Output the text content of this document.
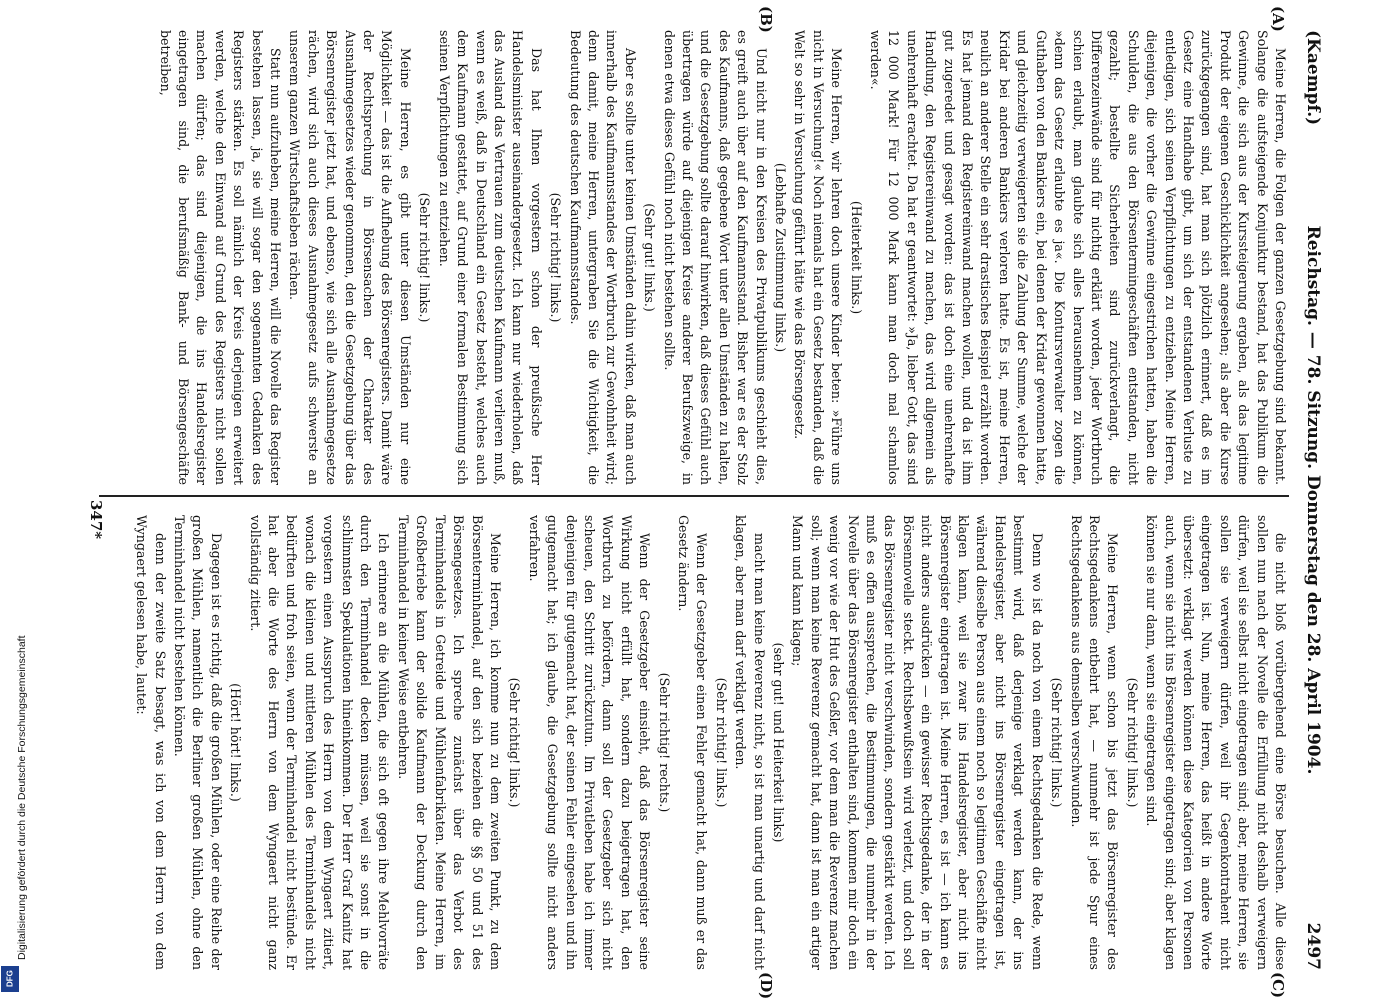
Digitalisierung gefördert durch die Deutsche Forschungsgemeinschaft
DFG
(Kaempf.)
Reichstag. — 78. Sitzung. Donnerstag den 28. April 1904.
2497
(A)
(B)
(C)
(D)

Meine Herren, die Folgen der ganzen Gesetzgebung sind bekannt. Solange die aufsteigende Konjunktur bestand, hat das Publikum die Gewinne, die sich aus der Kurssteigerung ergaben, als das legitime Produkt der eigenen Geschicklichkeit angesehen; als aber die Kurse zurückgegangen sind, hat man sich plötzlich erinnert, daß es im Gesetz eine Handhabe gibt, um sich der entstandenen Verluste zu entledigen, sich seinen Verpflichtungen zu entziehen. Meine Herren, diejenigen, die vorher die Gewinne eingestrichen hatten, haben die Schulden, die aus den Börsentermingeschäften entstanden, nicht gezahlt; bestellte Sicherheiten sind zurückverlangt, die Differenzeinwände sind für nichtig erklärt worden, jeder Wortbruch schien erlaubt, man glaubte sich alles herausnehmen zu können, »denn das Gesetz erlaubte es ja«. Die Kontursverwalter zogen die Guthaben von den Bankiers ein, bei denen der Kridar gewonnen hatte, und gleichzeitig verweigerten sie die Zahlung der Summe, welche der Kridar bei anderen Bankiers verloren hatte. Es ist, meine Herren, neulich an anderer Stelle ein sehr drastisches Beispiel erzählt worden. Es hat jemand den Registereinwand machen wollen, und da ist ihm gut zugeredet und gesagt worden: das ist doch eine unehrenhafte Handlung, den Registereinwand zu machen, das wird allgemein als unehrenhaft erachtet. Da hat er geantwortet: »Ja, lieber Gott, das sind 12 000 Mark! Für 12 000 Mark kann man doch mal schamlos werden«.

(Heiterkeit links.)

Meine Herren, wir lehren doch unsere Kinder beten: »Führe uns nicht in Versuchung!« Noch niemals hat ein Gesetz bestanden, daß die Welt so sehr in Versuchung geführt hätte wie das Börsengesetz.

(Lebhafte Zustimmung links.)

Und nicht nur in den Kreisen des Privatpublikums geschieht dies, es greift auch über auf den Kaufmannsstand. Bisher war es der Stolz des Kaufmanns, daß gegebene Wort unter allen Umständen zu halten, und die Gesetzgebung sollte darauf hinwirken, daß dieses Gefühl auch übertragen würde auf diejenigen Kreise anderer Berufszweige, in denen etwa dieses Gefühl noch nicht bestehen sollte.

(Sehr gut! links.)

Aber es sollte unter keinen Umständen dahin wirken, daß man auch innerhalb des Kaufmannsstandes der Wortbruch zur Gewohnheit wird; denn damit, meine Herren, untergraben Sie die Wichtigkeit, die Bedeutung des deutschen Kaufmannsstandes.

(Sehr richtig! links.)

Das hat Ihnen vorgestern schon der preußische Herr Handelsminister auseinandergesetzt. Ich kann nur wiederholen, daß das Ausland das Vertrauen zum deutschen Kaufmann verlieren muß, wenn es weiß, daß in Deutschland ein Gesetz besteht, welches auch dem Kaufmann gestattet, auf Grund einer formalen Bestimmung sich seinen Verpflichtungen zu entziehen.

(Sehr richtig! links.)

Meine Herren, es gibt unter diesen Umständen nur eine Möglichkeit — das ist die Aufhebung des Börsenregisters. Damit wäre der Rechtsprechung in Börsensachen der Charakter des Ausnahmegesetzes wieder genommen, den die Gesetzgebung über das Börsenregister jetzt hat, und ebenso, wie sich alle Ausnahmegesetze rächen, wird sich auch dieses Ausnahmegesetz aufs schwerste an unserem ganzen Wirtschaftsleben rächen.

Statt nun aufzuheben, meine Herren, will die Novelle das Register bestehen lassen, ja, sie will sogar den sogenannten Gedanken des Registers stärken. Es soll nämlich der Kreis derjenigen erweitert werden, welche den Einwand auf Grund des Registers nicht sollen machen dürfen; das sind diejenigen, die ins Handelsregister eingetragen sind, die berufsmäßig Bank- und Börsengeschäfte betreiben,

die nicht bloß vorübergehend eine Börse besuchen. Alle diese sollen nun nach der Novelle die Erfüllung nicht deshalb verweigern dürfen, weil sie selbst nicht eingetragen sind; aber, meine Herren, sie sollen sie verweigern dürfen, weil ihr Gegenkontrahent nicht eingetragen ist. Nun, meine Herren, das heißt in andere Worte übersetzt: verklagt werden können diese Kategorien von Personen auch, wenn sie nicht ins Börsenregister eingetragen sind; aber klagen können sie nur dann, wenn sie eingetragen sind.

(Sehr richtig! links.)

Meine Herren, wenn schon bis jetzt das Börsenregister des Rechtsgedankens entbehrt hat, — nunmehr ist jede Spur eines Rechtsgedankens aus demselben verschwunden.

(Sehr richtig! links.)

Denn wo ist da noch von einem Rechtsgedanken die Rede, wenn bestimmt wird, daß derjenige verklagt werden kann, der ins Handelsregister, aber nicht ins Börsenregister eingetragen ist, während dieselbe Person aus einem noch so legitimen Geschäfte nicht klagen kann, weil sie zwar ins Handelsregister, aber nicht ins Börsenregister eingetragen ist. Meine Herren, es ist — ich kann es nicht anders ausdrücken — ein gewisser Rechtsgedanke, der in der Börsennovelle steckt. Rechtsbewußtsein wird verletzt, und doch soll das Börsenregister nicht verschwinden, sondern gestärkt werden. Ich muß es offen aussprechen, die Bestimmungen, die nunmehr in der Novelle über das Börsenregister enthalten sind, kommen mir doch ein wenig vor wie der Hut des Geßler, vor dem man die Reverenz machen soll; wenn man keine Reverenz gemacht hat, dann ist man ein artiger Mann und kann klagen;

(sehr gut! und Heiterkeit links)

macht man keine Reverenz nicht, so ist man unartig und darf nicht klagen, aber man darf verklagt werden.

(Sehr richtig! links.)

Wenn der Gesetzgeber einen Fehler gemacht hat, dann muß er das Gesetz ändern.

(Sehr richtig! rechts.)

Wenn der Gesetzgeber einsieht, daß das Börsenregister seine Wirkung nicht erfüllt hat, sondern dazu beigetragen hat, den Wortbruch zu befördern, dann soll der Gesetzgeber sich nicht scheuen, den Schritt zurückzutun. Im Privatleben habe ich immer denjenigen für gutgemacht hat, der seinen Fehler eingesehen und ihn gutgemacht hat; ich glaube, die Gesetzgebung sollte nicht anders verfahren.

(Sehr richtig! links.)

Meine Herren, ich komme nun zu dem zweiten Punkt, zu dem Börsenterminhandel, auf den sich beziehen die §§ 50 und 51 des Börsengesetzes. Ich spreche zunächst über das Verbot des Terminhandels in Getreide und Mühlenfabrikaten. Meine Herren, im Großbetriebe kann der solide Kaufmann der Deckung durch den Terminhandel in keiner Weise entbehren.

Ich erinnere an die Mühlen, die sich oft gegen ihre Mehlvorräte durch den Terminhandel decken müssen, weil sie sonst in die schlimmsten Spekulationen hineinkommen. Der Herr Graf Kanitz hat vorgestern einen Ausspruch des Herrn von dem Wyngaert zitiert, wonach die kleinen und mittleren Mühlen des Terminhandels nicht bedürften und froh seien, wenn der Terminhandel nicht bestünde. Er hat aber die Worte des Herrn von dem Wyngaert nicht ganz vollständig zitiert.

(Hört! hört! links.)

Dagegen ist es richtig, daß die großen Mühlen, oder eine Reihe der großen Mühlen, namentlich die Berliner großen Mühlen, ohne den Terminhandel nicht bestehen können.

denn der zweite Satz besagt, was ich von dem Herrn von dem Wyngaert gelesen habe, lautet:

347*
